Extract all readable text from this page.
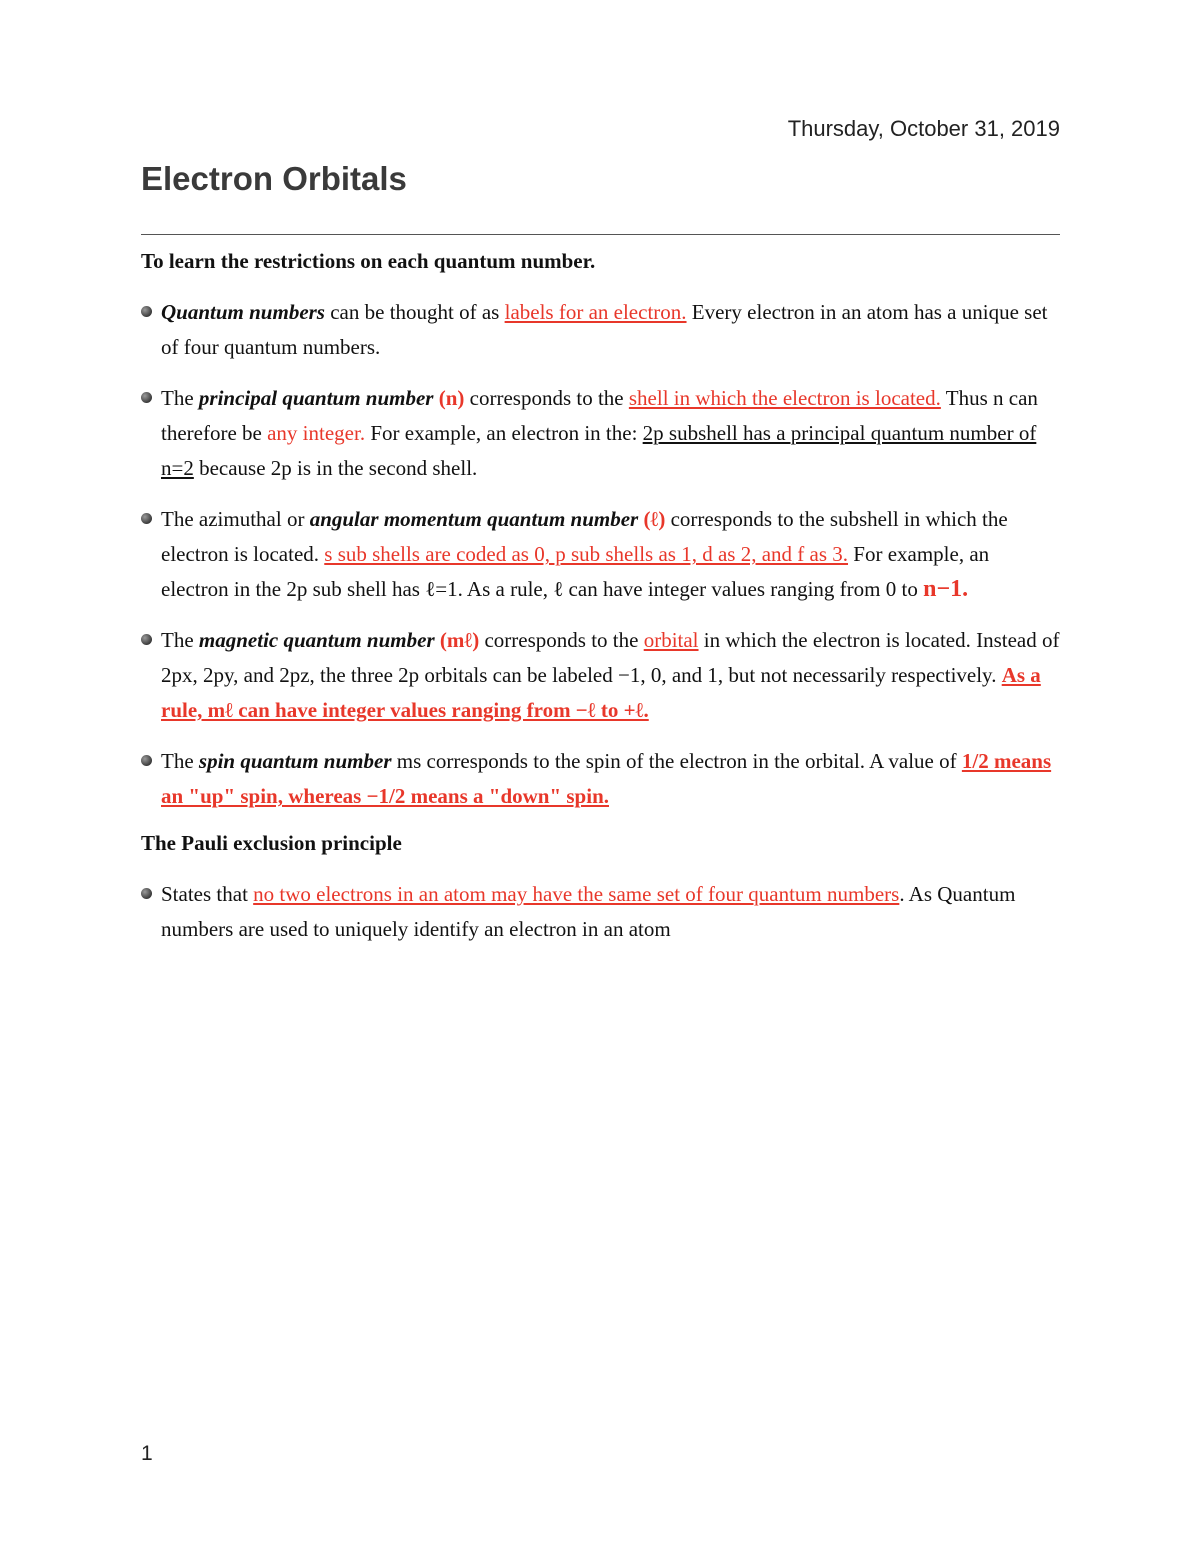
Thursday, October 31, 2019
Electron Orbitals

To learn the restrictions on each quantum number.

Quantum numbers can be thought of as labels for an electron. Every electron in an atom has a unique set of four quantum numbers.
The principal quantum number (n) corresponds to the shell in which the electron is located. Thus n can therefore be any integer. For example, an electron in the: 2p subshell has a principal quantum number of n=2 because 2p is in the second shell.
The azimuthal or angular momentum quantum number (ℓ) corresponds to the subshell in which the electron is located. s sub shells are coded as 0, p sub shells as 1, d as 2, and f as 3. For example, an electron in the 2p sub shell has ℓ=1. As a rule, ℓ can have integer values ranging from 0 to n−1.
The magnetic quantum number (mℓ) corresponds to the orbital in which the electron is located. Instead of 2px, 2py, and 2pz, the three 2p orbitals can be labeled −1, 0, and 1, but not necessarily respectively. As a rule, mℓ can have integer values ranging from −ℓ to +ℓ.
The spin quantum number ms corresponds to the spin of the electron in the orbital. A value of 1/2 means an "up" spin, whereas −1/2 means a "down" spin.

The Pauli exclusion principle

States that no two electrons in an atom may have the same set of four quantum numbers. As Quantum numbers are used to uniquely identify an electron in an atom
1
